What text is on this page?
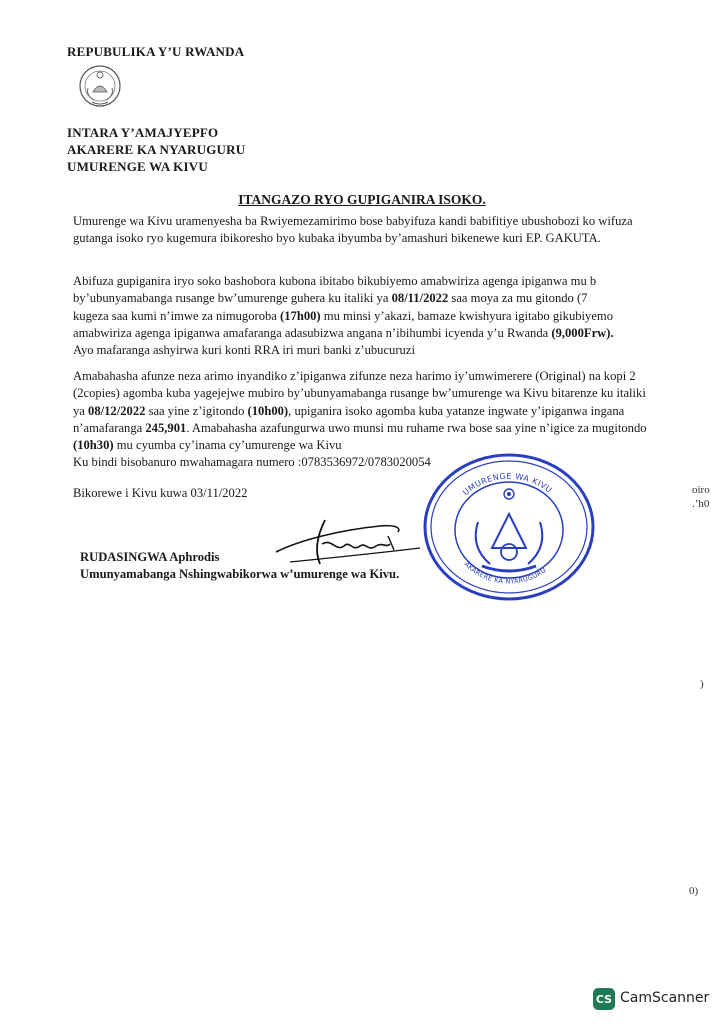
REPUBULIKA Y’U RWANDA
INTARA Y’AMAJYEPFO
AKARERE KA NYARUGURU
UMURENGE WA KIVU
ITANGAZO RYO GUPIGANIRA ISOKO.
Umurenge wa Kivu uramenyesha ba Rwiyemezamirimo bose babyifuza kandi babifitiye ubushobozi ko wifuza gutanga isoko ryo kugemura ibikoresho byo kubaka ibyumba by’amashuri bikenewe kuri EP. GAKUTA.
Abifuza gupiganira iryo soko bashobora kubona ibitabo bikubiyemo amabwiriza agenga ipiganwa mu b
by’ubunyamabanga rusange bw’umurenge guhera ku italiki ya 08/11/2022 saa moya za mu gitondo (7
kugeza saa kumi n’imwe za nimugoroba (17h00) mu minsi y’akazi, bamaze kwishyura igitabo gikubiyemo amabwiriza agenga ipiganwa amafaranga adasubizwa angana n’ibihumbi icyenda y’u Rwanda (9,000Frw).
Ayo mafaranga ashyirwa kuri konti RRA iri muri banki z’ubucuruzi
Amabahasha afunze neza arimo inyandiko z’ipiganwa zifunze neza harimo iy’umwimerere (Original) na kopi 2 (2copies) agomba kuba yagejejwe mubiro by’ubunyamabanga rusange bw’umurenge wa Kivu bitarenze ku italiki ya 08/12/2022 saa yine z’igitondo (10h00), upiganira isoko agomba kuba yatanze ingwate y’ipiganwa ingana n’amafaranga 245,901. Amabahasha azafungurwa uwo munsi mu ruhame rwa bose saa yine n’igice za mugitondo (10h30) mu cyumba cy’inama cy’umurenge wa Kivu
Ku bindi bisobanuro mwahamagara numero :0783536972/0783020054
Bikorewe i Kivu kuwa 03/11/2022	UMURENGE WA KIVU
AKARERE KA NYARUGURU
RUDASINGWA Aphrodis
Umunyamabanga Nshingwabikorwa w’umurenge wa Kivu.
oiro
.’h0
)
0)
CS CamScanner
